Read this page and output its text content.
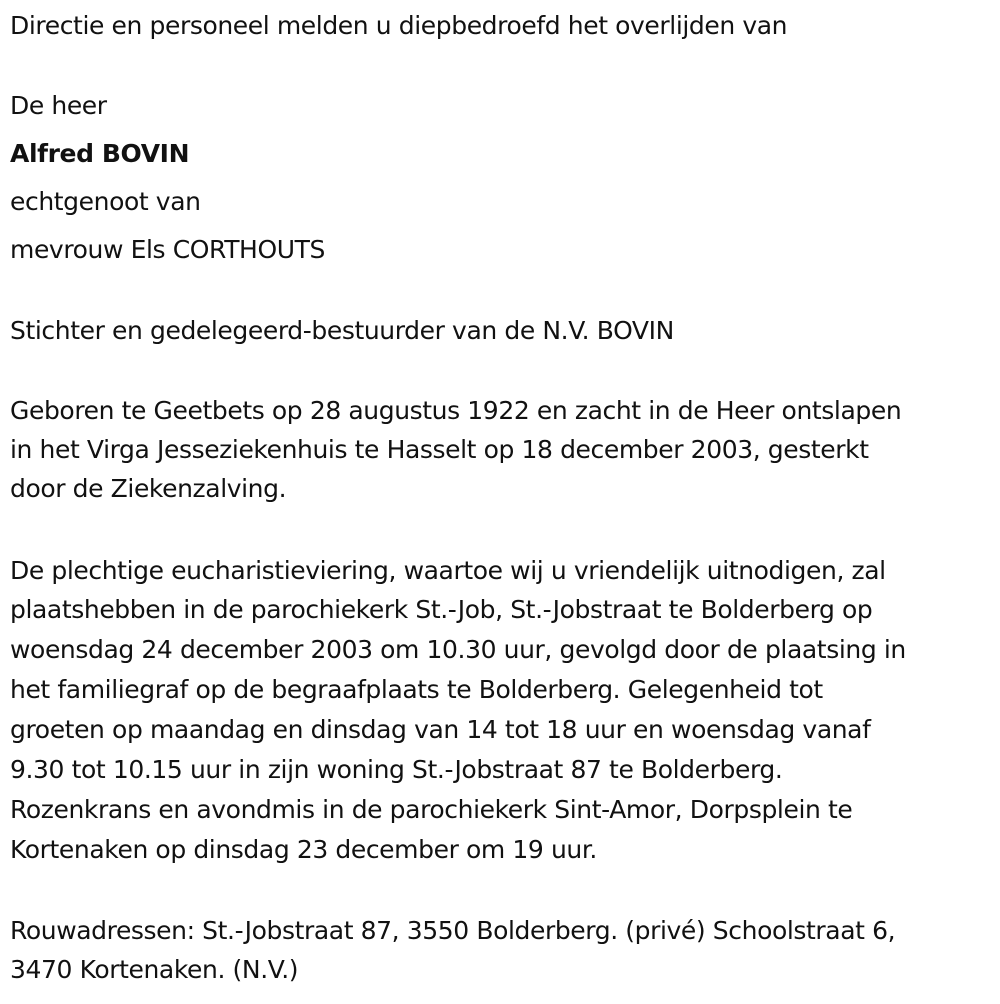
Directie en personeel melden u diepbedroefd het overlijden van
De heer
Alfred BOVIN
echtgenoot van
mevrouw Els CORTHOUTS
Stichter en gedelegeerd-bestuurder van de N.V. BOVIN
Geboren te Geetbets op 28 augustus 1922 en zacht in de Heer ontslapen
in het Virga Jesseziekenhuis te Hasselt op 18 december 2003, gesterkt
door de Ziekenzalving.
De plechtige eucharistieviering, waartoe wij u vriendelijk uitnodigen, zal
plaatshebben in de parochiekerk St.-Job, St.-Jobstraat te Bolderberg op
woensdag 24 december 2003 om 10.30 uur, gevolgd door de plaatsing in
het familiegraf op de begraafplaats te Bolderberg. Gelegenheid tot
groeten op maandag en dinsdag van 14 tot 18 uur en woensdag vanaf
9.30 tot 10.15 uur in zijn woning St.-Jobstraat 87 te Bolderberg.
Rozenkrans en avondmis in de parochiekerk Sint-Amor, Dorpsplein te
Kortenaken op dinsdag 23 december om 19 uur.
Rouwadressen: St.-Jobstraat 87, 3550 Bolderberg. (privé) Schoolstraat 6,
3470 Kortenaken. (N.V.)
